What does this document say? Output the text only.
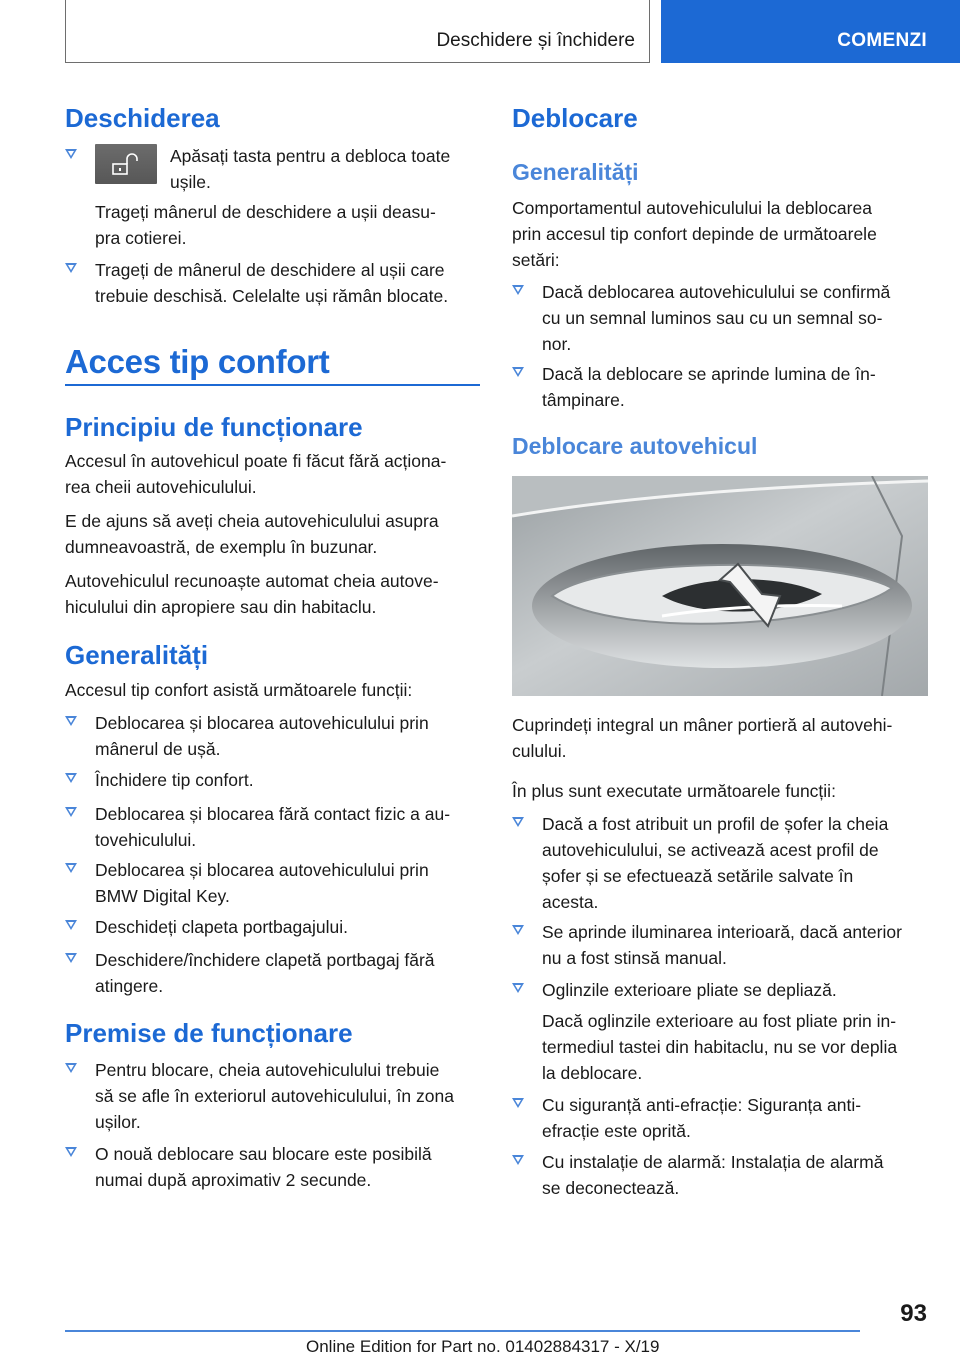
Deschidere și închidere	COMENZI
Deschiderea
Apăsați tasta pentru a debloca toate
ușile.
Trageți mânerul de deschidere a ușii deasu-
pra cotierei.
Trageți de mânerul de deschidere al ușii care
trebuie deschisă. Celelalte uși rămân blocate.
Acces tip confort
Principiu de funcționare
Accesul în autovehicul poate fi făcut fără acționa-
rea cheii autovehiculului.
E de ajuns să aveți cheia autovehiculului asupra
dumneavoastră, de exemplu în buzunar.
Autovehiculul recunoaște automat cheia autove-
hiculului din apropiere sau din habitaclu.
Generalități
Accesul tip confort asistă următoarele funcții:
Deblocarea și blocarea autovehiculului prin
mânerul de ușă.
Închidere tip confort.
Deblocarea și blocarea fără contact fizic a au-
tovehiculului.
Deblocarea și blocarea autovehiculului prin
BMW Digital Key.
Deschideți clapeta portbagajului.
Deschidere/închidere clapetă portbagaj fără
atingere.
Premise de funcționare
Pentru blocare, cheia autovehiculului trebuie
să se afle în exteriorul autovehiculului, în zona
ușilor.
O nouă deblocare sau blocare este posibilă
numai după aproximativ 2 secunde.
Deblocare
Generalități
Comportamentul autovehiculului la deblocarea
prin accesul tip confort depinde de următoarele
setări:
Dacă deblocarea autovehiculului se confirmă
cu un semnal luminos sau cu un semnal so-
nor.
Dacă la deblocare se aprinde lumina de în-
tâmpinare.
Deblocare autovehicul
Cuprindeți integral un mâner portieră al autovehi-
culului.
În plus sunt executate următoarele funcții:
Dacă a fost atribuit un profil de șofer la cheia
autovehiculului, se activează acest profil de
șofer și se efectuează setările salvate în
acesta.
Se aprinde iluminarea interioară, dacă anterior
nu a fost stinsă manual.
Oglinzile exterioare pliate se depliază.
Dacă oglinzile exterioare au fost pliate prin in-
termediul tastei din habitaclu, nu se vor deplia
la deblocare.
Cu siguranță anti-efracție: Siguranța anti-
efracție este oprită.
Cu instalație de alarmă: Instalația de alarmă
se deconectează.
93
Online Edition for Part no. 01402884317 - X/19
